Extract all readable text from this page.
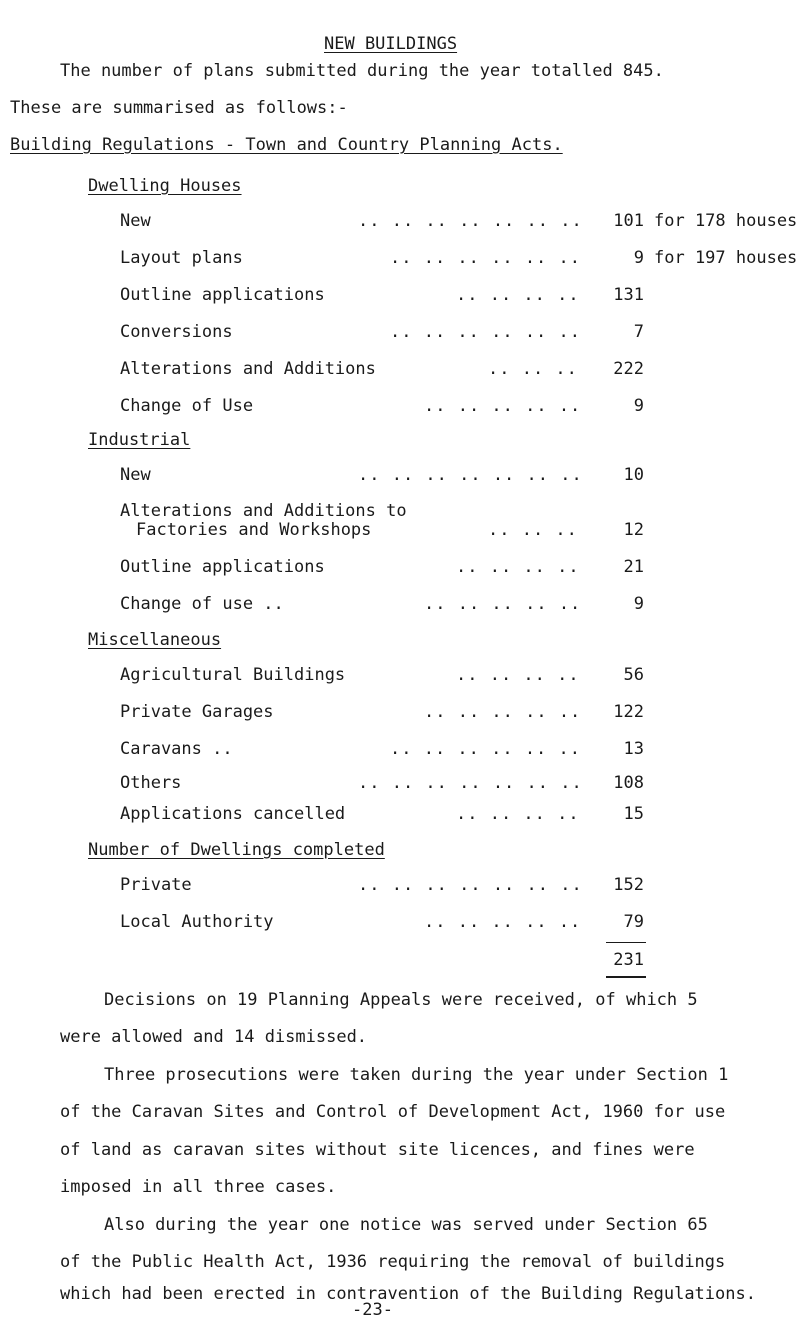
NEW BUILDINGS
The number of plans submitted during the year totalled 845.
These are summarised as follows:-
Building Regulations - Town and Country Planning Acts.
Dwelling Houses
New	.. .. .. .. .. .. ..	101 for 178 houses
Layout plans	.. .. .. .. .. ..	9 for 197 houses
Outline applications	.. .. .. ..	131
Conversions	.. .. .. .. .. ..	7
Alterations and Additions	.. .. ..	222
Change of Use	.. .. .. .. ..	9
Industrial
New	.. .. .. .. .. .. ..	10
Alterations and Additions to
Factories and Workshops	.. .. ..	12
Outline applications	.. .. .. ..	21
Change of use ..	.. .. .. .. ..	9
Miscellaneous
Agricultural Buildings	.. .. .. ..	56
Private Garages	.. .. .. .. ..	122
Caravans ..	.. .. .. .. .. ..	13
Others	.. .. .. .. .. .. ..	108
Applications cancelled	.. .. .. ..	15
Number of Dwellings completed
Private	.. .. .. .. .. .. ..	152
Local Authority	.. .. .. .. ..	79
231
Decisions on 19 Planning Appeals were received, of which 5
were allowed and 14 dismissed.
Three prosecutions were taken during the year under Section 1
of the Caravan Sites and Control of Development Act, 1960 for use
of land as caravan sites without site licences, and fines were
imposed in all three cases.
Also during the year one notice was served under Section 65
of the Public Health Act, 1936 requiring the removal of buildings
which had been erected in contravention of the Building Regulations.
-23-
